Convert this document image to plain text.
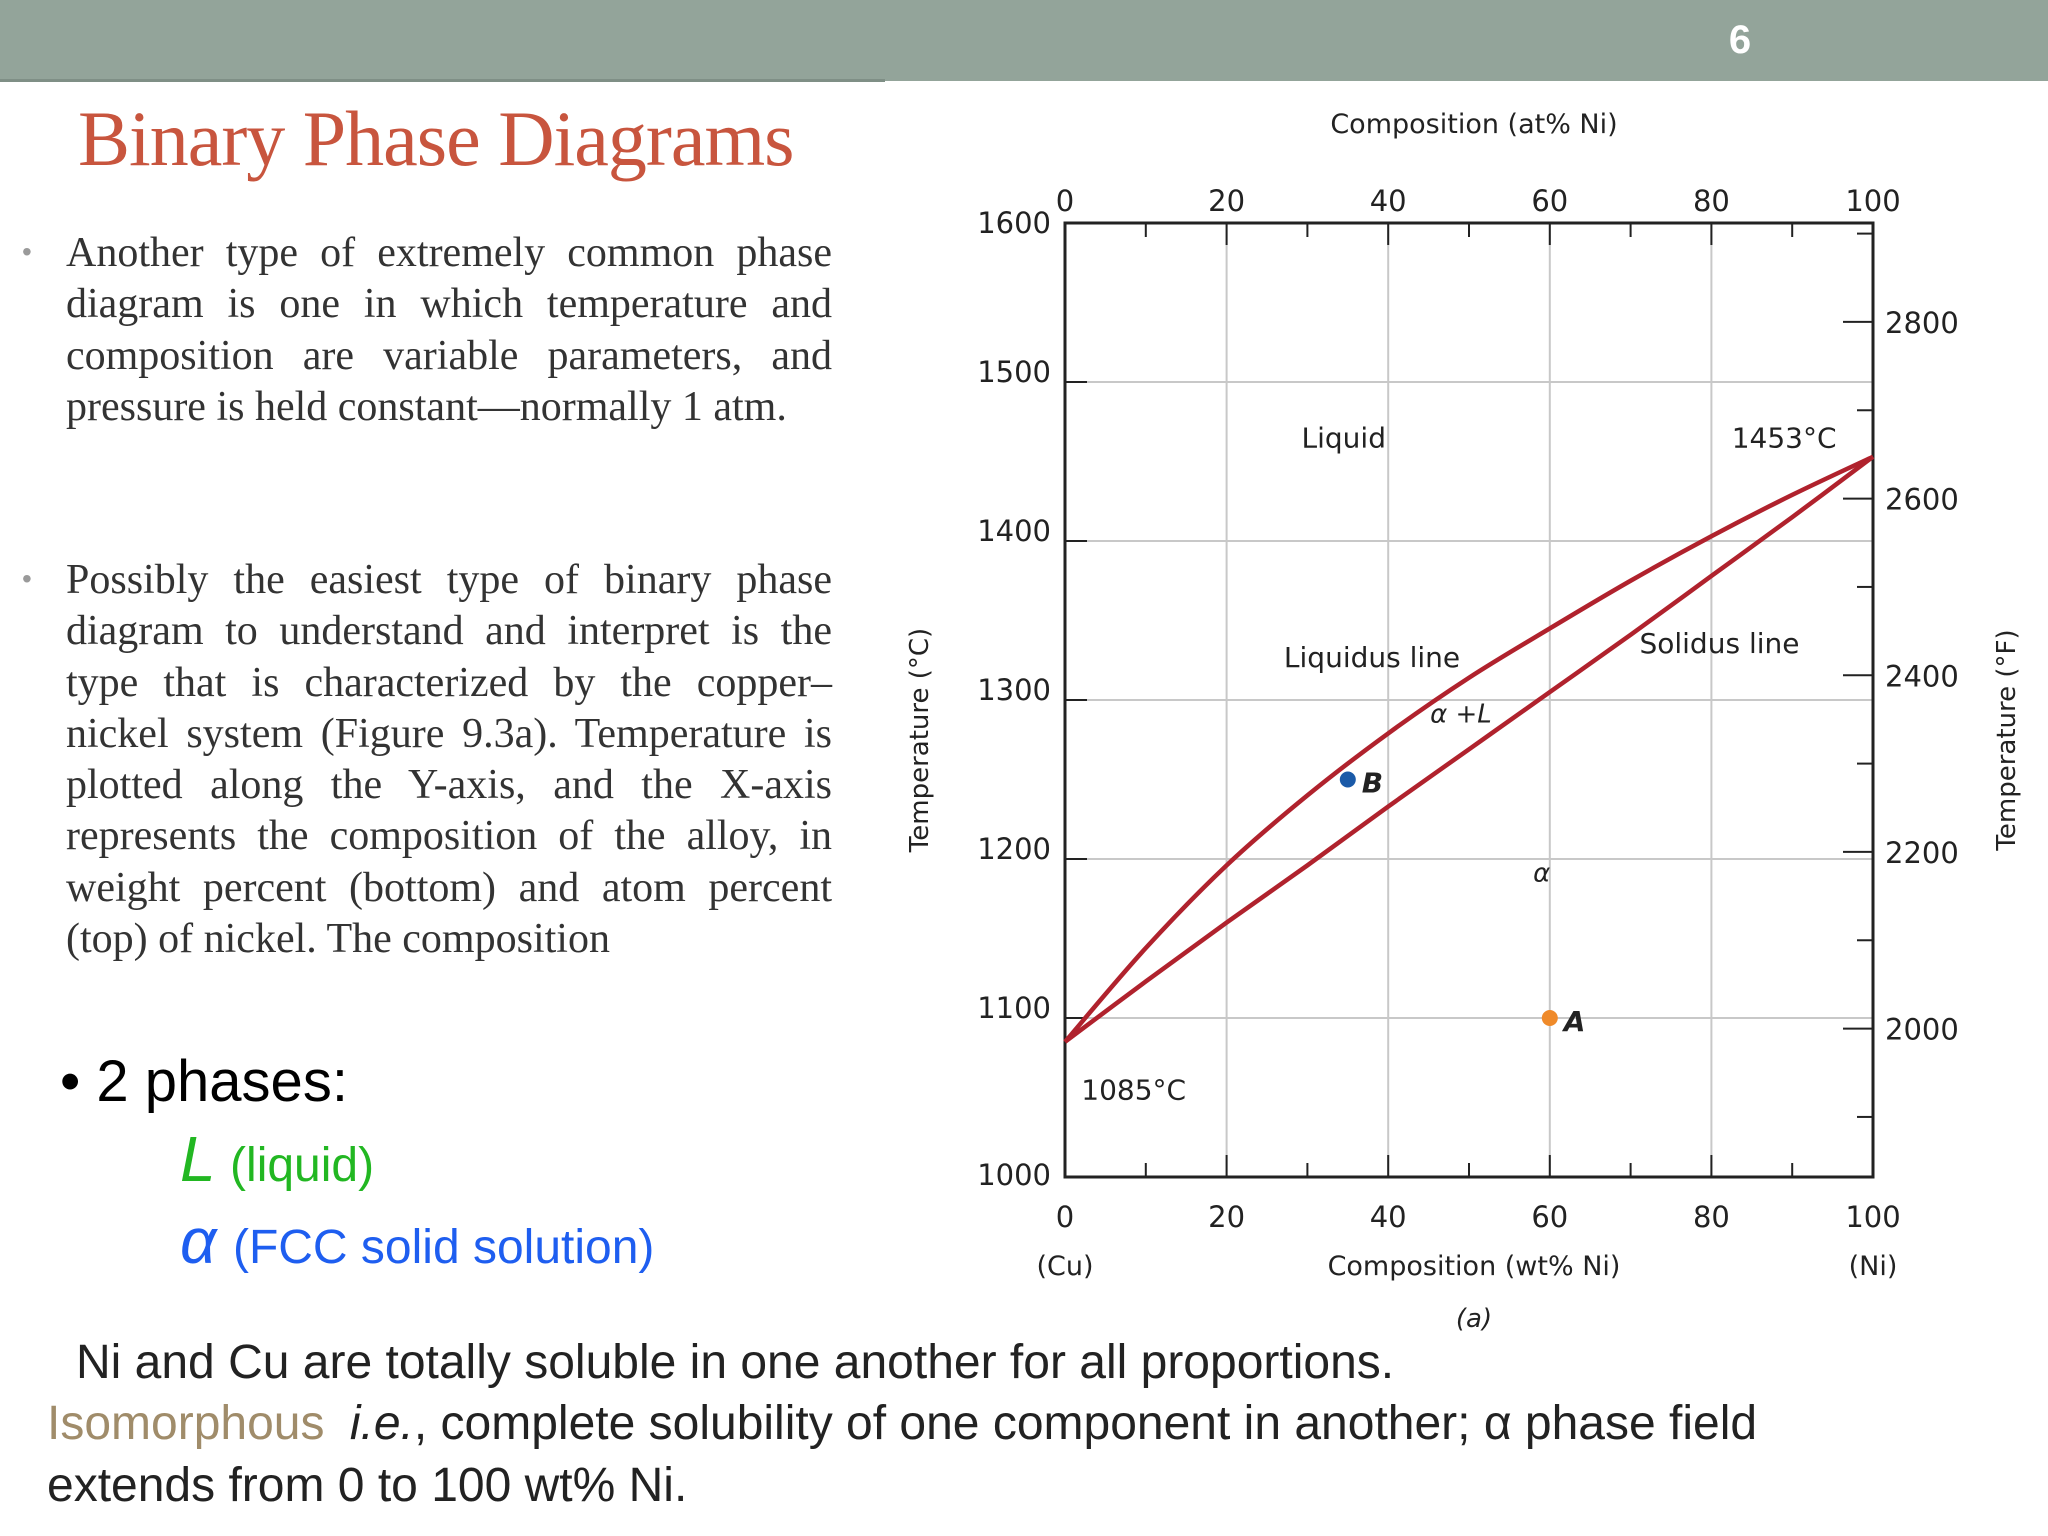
6
Binary Phase Diagrams
• Another type of extremely common phase diagram is one in which temperature and composition are variable parameters, and pressure is held constant—normally 1 atm.
• Possibly the easiest type of binary phase diagram to understand and interpret is the type that is characterized by the copper–nickel system (Figure 9.3a). Temperature is plotted along the Y-axis, and the X-axis represents the composition of the alloy, in weight percent (bottom) and atom percent (top) of nickel. The composition
• 2 phases:
L (liquid)
α (FCC solid solution)
0	20	40	60	80	100
0	20	40	60	80	100
1000
1100
1200
1300
1400
1500
1600
2000
2200
2400
2600
2800
Composition (at% Ni)
Composition (wt% Ni)
(Cu)	(Ni)
(a)
Temperature (°C)	Temperature (°F)
B
A
Liquid	1453°C
Liquidus line	Solidus line
α +L
α
1085°C
Ni and Cu are totally soluble in one another for all proportions.
Isomorphous i.e., complete solubility of one component in another; α phase field
extends from 0 to 100 wt% Ni.
